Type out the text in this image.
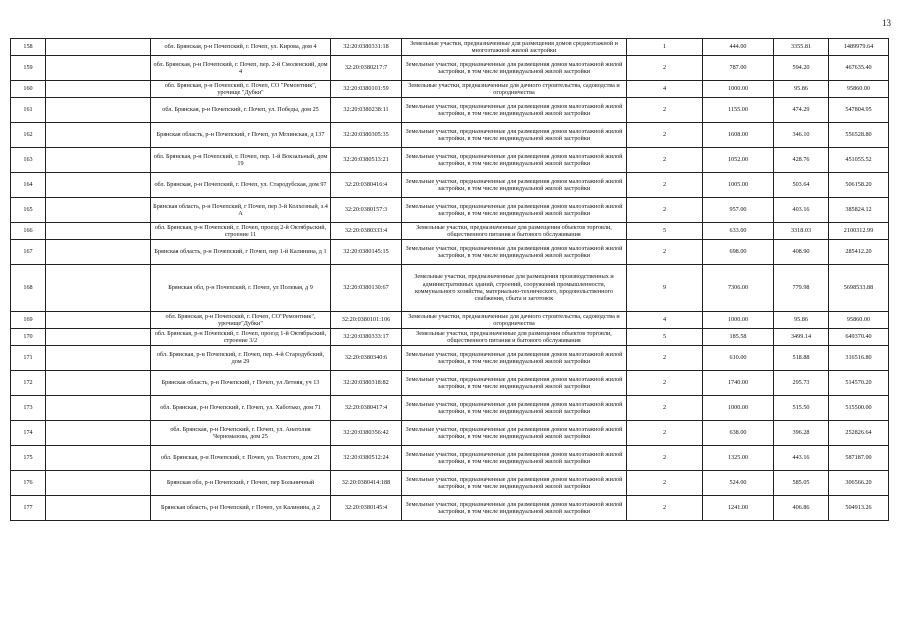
13
158		обл. Брянская, р-н Почепский, г. Почеп, ул. Кирова, дом 4	32:20:0380331:18	Земельные участки, предназначенные для размещения домов среднеэтажной и многоэтажной жилой застройки	1	444.00	3355.81	1489979.64
159		обл. Брянская, р-н Почепский, г. Почеп, пер. 2-й Смоленский, дом 4	32:20:0380217:7	Земельные участки, предназначенные для размещения домов малоэтажной жилой застройки, в том числе индивидуальной жилой застройки	2	787.00	594.20	467635.40
160		обл. Брянская, р-н Почепский, г. Почеп, СО "Ремонтник", урочище "Дубки"	32:20:0380101:59	Земельные участки, предназначенные для дачного строительства, садоводства и огородничества	4	1000.00	95.86	95860.00
161		обл. Брянская, р-н Почепский, г. Почеп, ул. Победы, дом 25	32:20:0380238:11	Земельные участки, предназначенные для размещения домов малоэтажной жилой застройки, в том числе индивидуальной жилой застройки	2	1155.00	474.29	547804.95
162		Брянская область, р-н Почепский, г Почеп, ул Мглинская, д 137	32:20:0380305:35	Земельные участки, предназначенные для размещения домов малоэтажной жилой застройки, в том числе индивидуальной жилой застройки	2	1608.00	346.10	556528.80
163		обл. Брянская, р-н Почепский, г. Почеп, пер. 1-й Вокзальный, дом 19	32:20:0380513:21	Земельные участки, предназначенные для размещения домов малоэтажной жилой застройки, в том числе индивидуальной жилой застройки	2	1052.00	428.76	451055.52
164		обл. Брянская, р-н Почепский, г. Почеп, ул. Стародубская, дом 97	32:20:0380416:4	Земельные участки, предназначенные для размещения домов малоэтажной жилой застройки, в том числе индивидуальной жилой застройки	2	1005.00	503.64	506158.20
165		Брянская область, р-н Почепский, г Почеп, пер 3-й Колхозный, з.4 А	32:20:0380157:3	Земельные участки, предназначенные для размещения домов малоэтажной жилой застройки, в том числе индивидуальной жилой застройки	2	957.00	403.16	385824.12
166		обл. Брянская, р-н Почепский, г. Почеп, проезд 2-й Октябрьский, строение 11	32:20:0380333:4	Земельные участки, предназначенные для размещения объектов торговли, общественного питания и бытового обслуживания	5	633.00	3318.03	2100312.99
167		Брянская область, р-н Почепский, г Почеп, пер 1-й Калинина, д 1	32:20:0380145:15	Земельные участки, предназначенные для размещения домов малоэтажной жилой застройки, в том числе индивидуальной жилой застройки	2	698.00	408.90	285412.20
168		Брянская обл, р-н Почепский, г. Почеп, ул Полевая, д 9	32:20:0380130:67	Земельные участки, предназначенные для размещения производственных и административных зданий, строений, сооружений промышленности, коммунального хозяйства, материально-технического, продовольственного снабжения, сбыта и заготовок	9	7306.00	779.98	5698533.88
169		обл. Брянская, р-н Почепский, г. Почеп, СО"Ремонтник", урочище"Дубки"	32:20:0380101:106	Земельные участки, предназначенные для дачного строительства, садоводства и огородничества	4	1000.00	95.86	95860.00
170		обл. Брянская, р-н Почепский, г. Почеп, проезд 1-й Октябрьский, строение 3/2	32:20:0380333:17	Земельные участки, предназначенные для размещения объектов торговли, общественного питания и бытового обслуживания	5	185.58	3499.14	649370.40
171		обл. Брянская, р-н Почепский, г. Почеп, пер. 4-й Стародубский, дом 29	32:20:0380340:6	Земельные участки, предназначенные для размещения домов малоэтажной жилой застройки, в том числе индивидуальной жилой застройки	2	610.00	518.88	316516.80
172		Брянская область, р-н Почепский, г Почеп, ул Летняя, уч 13	32:20:0380318:82	Земельные участки, предназначенные для размещения домов малоэтажной жилой застройки, в том числе индивидуальной жилой застройки	2	1740.00	295.73	514570.20
173		обл. Брянская, р-н Почепский, г. Почеп, ул. Хаботько, дом 71	32:20:0380417:4	Земельные участки, предназначенные для размещения домов малоэтажной жилой застройки, в том числе индивидуальной жилой застройки	2	1000.00	515.50	515500.00
174		обл. Брянская, р-н Почепский, г. Почеп, ул. Анатолия Черномазова, дом 25	32:20:0380356:42	Земельные участки, предназначенные для размещения домов малоэтажной жилой застройки, в том числе индивидуальной жилой застройки	2	638.00	396.28	252826.64
175		обл. Брянская, р-н Почепский, г. Почеп, ул. Толстого, дом 21	32:20:0380512:24	Земельные участки, предназначенные для размещения домов малоэтажной жилой застройки, в том числе индивидуальной жилой застройки	2	1325.00	443.16	587187.00
176		Брянская обл, р-н Почепский, г Почеп, пер Больничный	32:20:0380414:188	Земельные участки, предназначенные для размещения домов малоэтажной жилой застройки, в том числе индивидуальной жилой застройки	2	524.00	585.05	306566.20
177		Брянская область, р-н Почепский, г Почеп, ул Калинина, д 2	32:20:0380145:4	Земельные участки, предназначенные для размещения домов малоэтажной жилой застройки, в том числе индивидуальной жилой застройки	2	1241.00	406.86	504913.26
